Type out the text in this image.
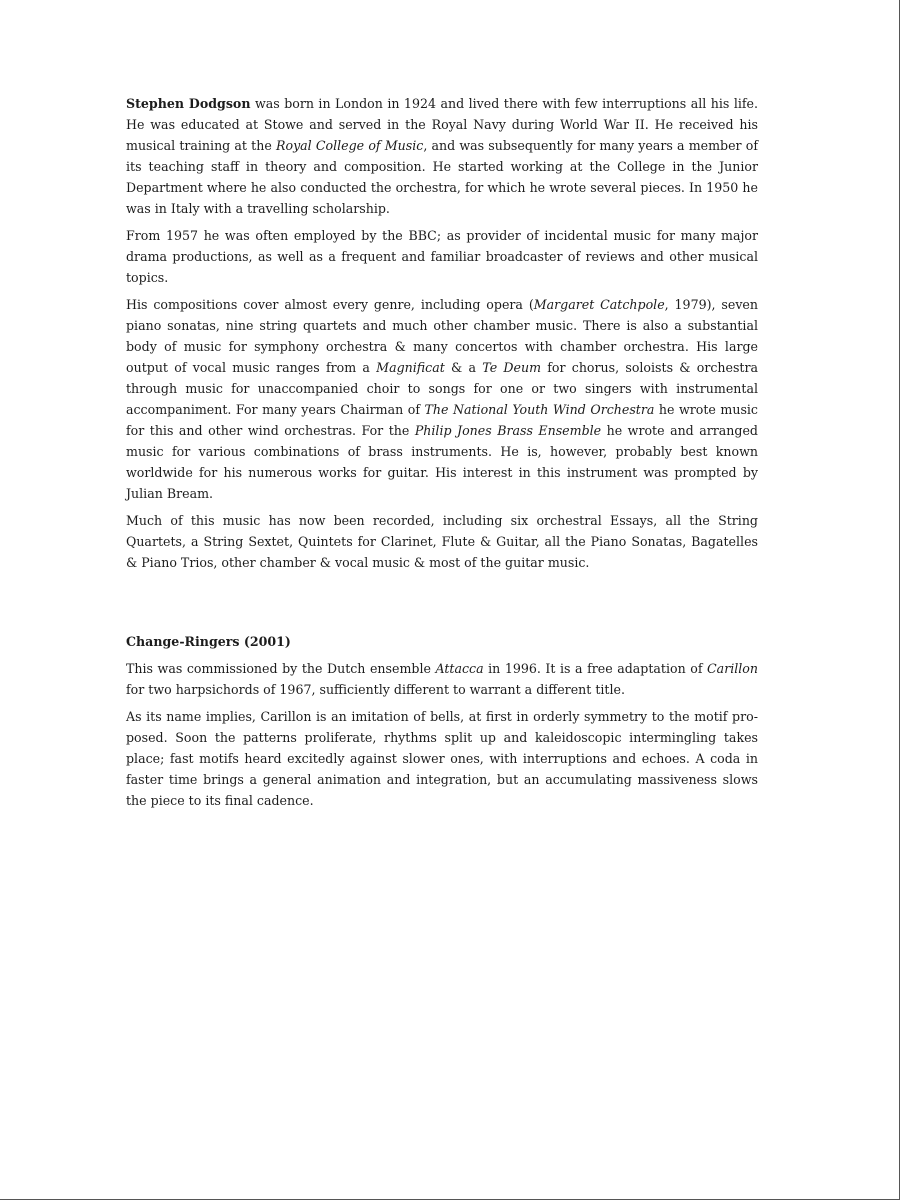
Stephen Dodgson was born in London in 1924 and lived there with few interruptions all his life. He was educated at Stowe and served in the Royal Navy during World War II. He received his musical training at the Royal College of Music, and was subsequently for many years a member of its teaching staff in theory and composition. He started working at the College in the Junior Department where he also conducted the orchestra, for which he wrote several pieces. In 1950 he was in Italy with a travelling scholarship.

From 1957 he was often employed by the BBC; as provider of incidental music for many major drama productions, as well as a frequent and familiar broadcaster of reviews and other musical topics.

His compositions cover almost every genre, including opera (Margaret Catchpole, 1979), seven piano sonatas, nine string quartets and much other chamber music. There is also a substantial body of music for symphony orchestra & many concertos with chamber orchestra. His large output of vocal music ranges from a Magnificat & a Te Deum for chorus, soloists & orchestra through music for unaccompanied choir to songs for one or two singers with instrumental accompaniment. For many years Chairman of The National Youth Wind Orchestra he wrote music for this and other wind orchestras. For the Philip Jones Brass Ensemble he wrote and arranged music for various combinations of brass instruments. He is, however, probably best known worldwide for his numerous works for guitar. His interest in this instrument was prompted by Julian Bream.

Much of this music has now been recorded, including six orchestral Essays, all the String Quartets, a String Sextet, Quintets for Clarinet, Flute & Guitar, all the Piano Sonatas, Bagatelles & Piano Trios, other chamber & vocal music & most of the guitar music.

Change-Ringers (2001)

This was commissioned by the Dutch ensemble Attacca in 1996. It is a free adaptation of Carillon for two harpsichords of 1967, sufficiently different to warrant a different title.

As its name implies, Carillon is an imitation of bells, at first in orderly symmetry to the motif proposed. Soon the patterns proliferate, rhythms split up and kaleidoscopic intermingling takes place; fast motifs heard excitedly against slower ones, with interruptions and echoes. A coda in faster time brings a general animation and integration, but an accumulating massiveness slows the piece to its final cadence.
